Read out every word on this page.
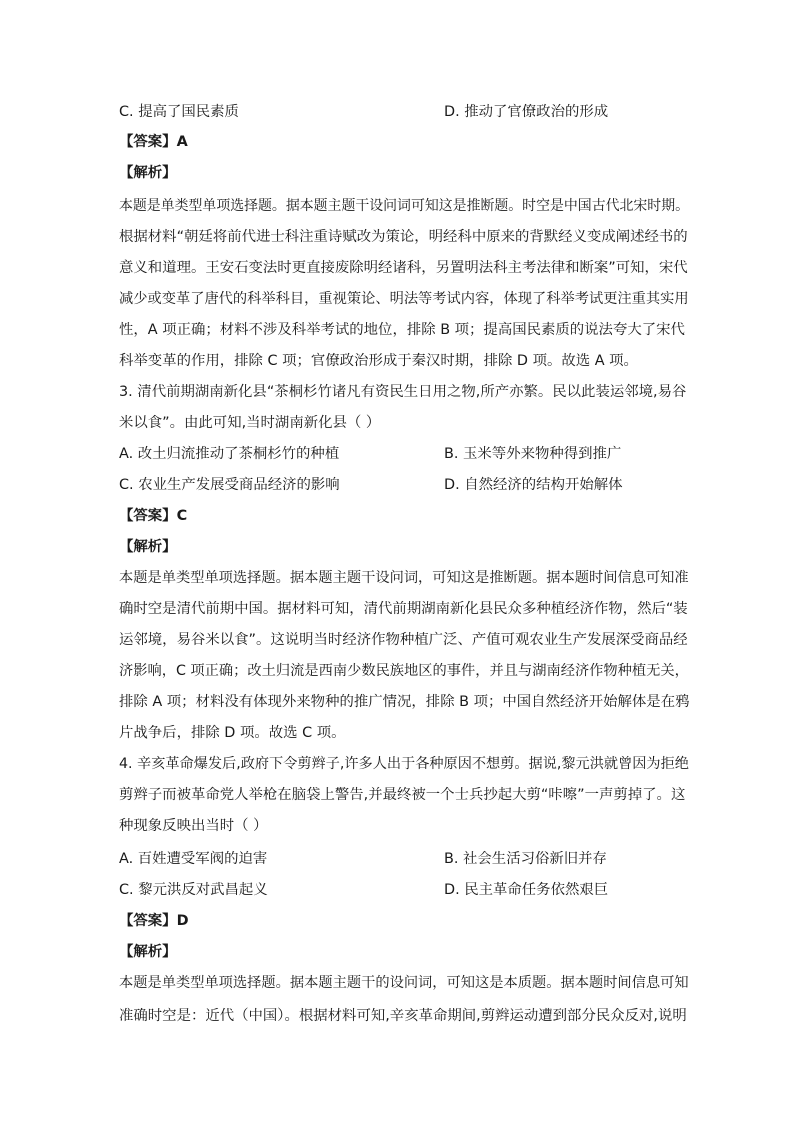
C. 提高了国民素质	D. 推动了官僚政治的形成
【答案】A
【解析】
本题是单类型单项选择题。据本题主题干设问词可知这是推断题。时空是中国古代北宋时期。
根据材料“朝廷将前代进士科注重诗赋改为策论，明经科中原来的背默经义变成阐述经书的
意义和道理。王安石变法时更直接废除明经诸科，另置明法科主考法律和断案”可知，宋代
减少或变革了唐代的科举科目，重视策论、明法等考试内容，体现了科举考试更注重其实用
性，A 项正确；材料不涉及科举考试的地位，排除 B 项；提高国民素质的说法夸大了宋代
科举变革的作用，排除 C 项；官僚政治形成于秦汉时期，排除 D 项。故选 A 项。
3. 清代前期湖南新化县“茶桐杉竹诸凡有资民生日用之物,所产亦繁。民以此装运邻境,易谷
米以食”。由此可知,当时湖南新化县（ ）
A. 改土归流推动了茶桐杉竹的种植	B. 玉米等外来物种得到推广
C. 农业生产发展受商品经济的影响	D. 自然经济的结构开始解体
【答案】C
【解析】
本题是单类型单项选择题。据本题主题干设问词，可知这是推断题。据本题时间信息可知准
确时空是清代前期中国。据材料可知，清代前期湖南新化县民众多种植经济作物，然后“装
运邻境，易谷米以食”。这说明当时经济作物种植广泛、产值可观农业生产发展深受商品经
济影响，C 项正确；改土归流是西南少数民族地区的事件，并且与湖南经济作物种植无关，
排除 A 项；材料没有体现外来物种的推广情况，排除 B 项；中国自然经济开始解体是在鸦
片战争后，排除 D 项。故选 C 项。
4. 辛亥革命爆发后,政府下令剪辫子,许多人出于各种原因不想剪。据说,黎元洪就曾因为拒绝
剪辫子而被革命党人举枪在脑袋上警告,并最终被一个士兵抄起大剪“咔嚓”一声剪掉了。这
种现象反映出当时（ ）
A. 百姓遭受军阀的迫害	B. 社会生活习俗新旧并存
C. 黎元洪反对武昌起义	D. 民主革命任务依然艰巨
【答案】D
【解析】
本题是单类型单项选择题。据本题主题干的设问词，可知这是本质题。据本题时间信息可知
准确时空是：近代（中国）。根据材料可知,辛亥革命期间,剪辫运动遭到部分民众反对,说明
